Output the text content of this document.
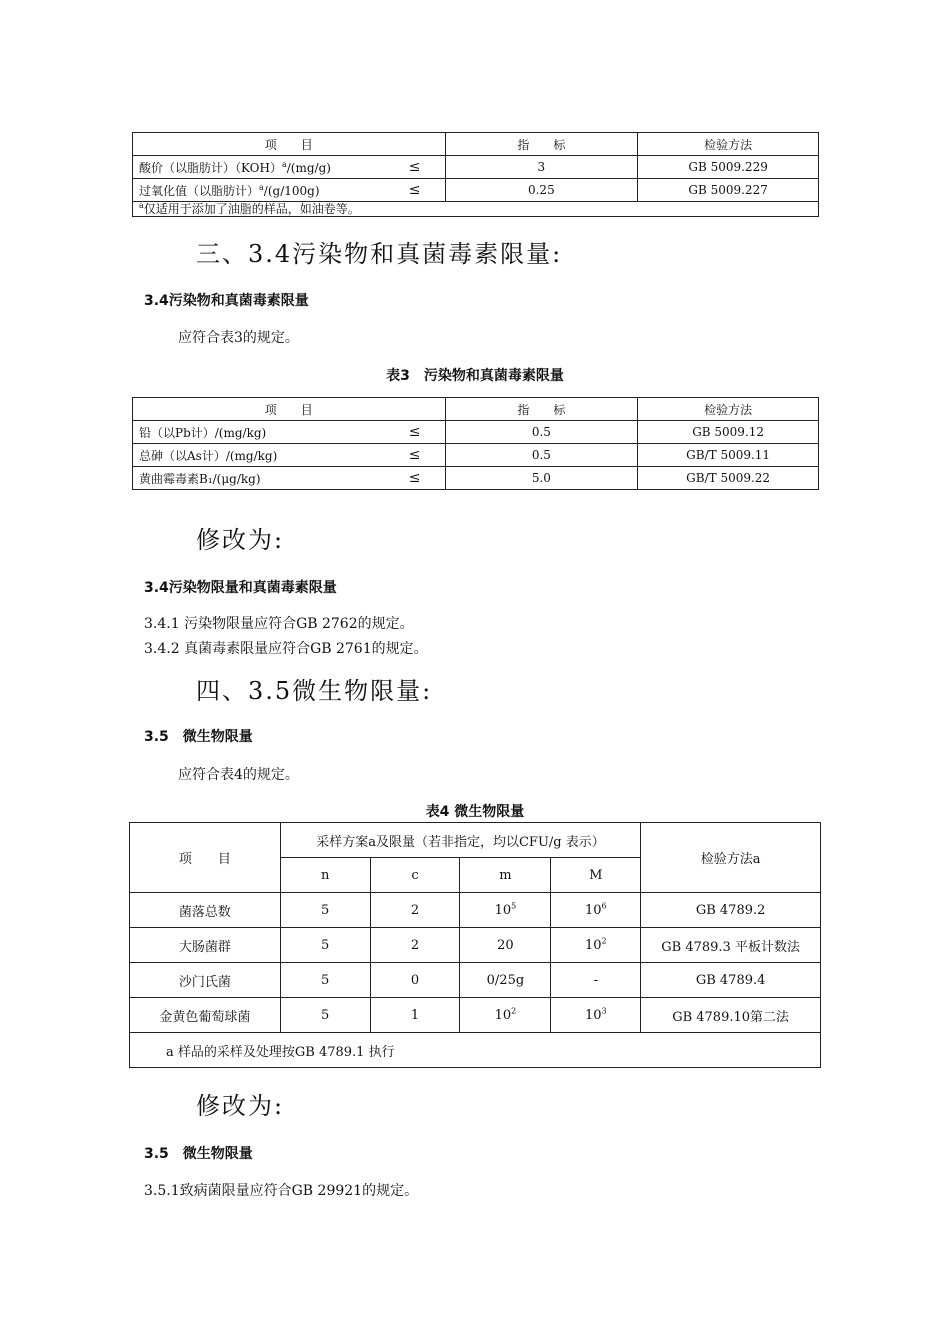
项　　目	指　　标	检验方法
酸价（以脂肪计）（KOH）$^a$/(mg/g) ≤	3	GB 5009.229
过氧化值（以脂肪计）$^a$/(g/100g) ≤	0.25	GB 5009.227
$^a$仅适用于添加了油脂的样品，如油卷等。		
三、3.4污染物和真菌毒素限量:
3.4污染物和真菌毒素限量
应符合表3的规定。
表3　污染物和真菌毒素限量
项　　目	指　　标	检验方法
铅（以Pb计）/(mg/kg) ≤	0.5	GB 5009.12
总砷（以As计）/(mg/kg) ≤	0.5	GB/T 5009.11
黄曲霉毒素B₁/(μg/kg) ≤	5.0	GB/T 5009.22
修改为:
3.4污染物限量和真菌毒素限量
3.4.1 污染物限量应符合GB 2762的规定。
3.4.2 真菌毒素限量应符合GB 2761的规定。
四、3.5微生物限量:
3.5　微生物限量
应符合表4的规定。
表4 微生物限量
项　　目	采样方案a及限量（若非指定，均以CFU/g 表示）				检验方法a
	n	c	m	M	
菌落总数	5	2	$10^5$	$10^6$	GB 4789.2
大肠菌群	5	2	20	$10^2$	GB 4789.3 平板计数法
沙门氏菌	5	0	0/25g	-	GB 4789.4
金黄色葡萄球菌	5	1	$10^2$	$10^3$	GB 4789.10第二法
a 样品的采样及处理按GB 4789.1 执行					
修改为:
3.5　微生物限量
3.5.1致病菌限量应符合GB 29921的规定。
